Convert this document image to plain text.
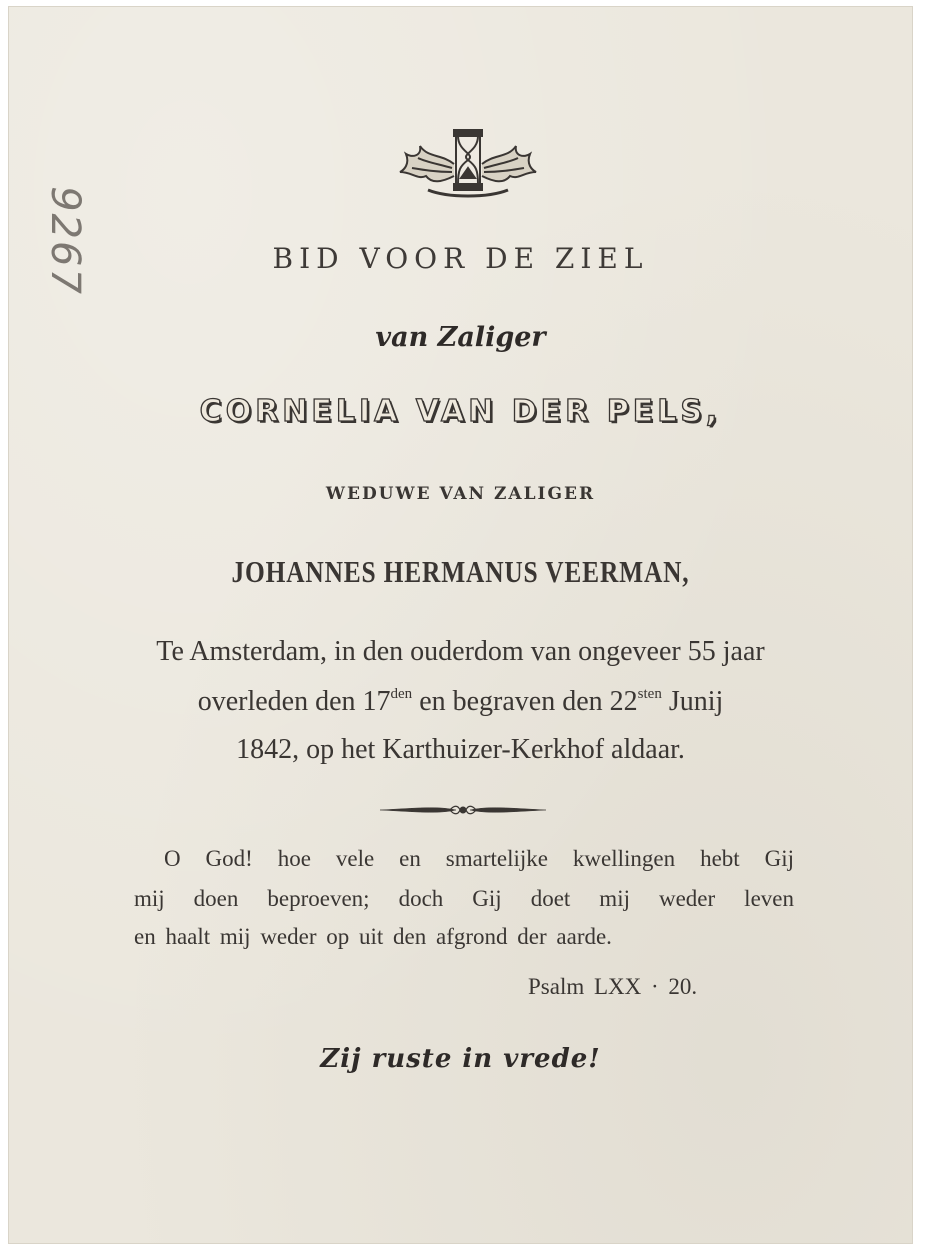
9267	BID VOOR DE ZIEL
van Zaliger
CORNELIA VAN DER PELS,
WEDUWE VAN ZALIGER
JOHANNES HERMANUS VEERMAN,
Te Amsterdam, in den ouderdom van ongeveer 55 jaar
overleden den $17^{den}$ en begraven den $22^{sten}$ Junij
1842, op het Karthuizer-Kerkhof aldaar.
O God! hoe vele en smartelijke kwellingen hebt Gij
mij doen beproeven; doch Gij doet mij weder leven
en haalt mij weder op uit den afgrond der aarde.
Psalm LXX · 20.
Zij ruste in vrede!
